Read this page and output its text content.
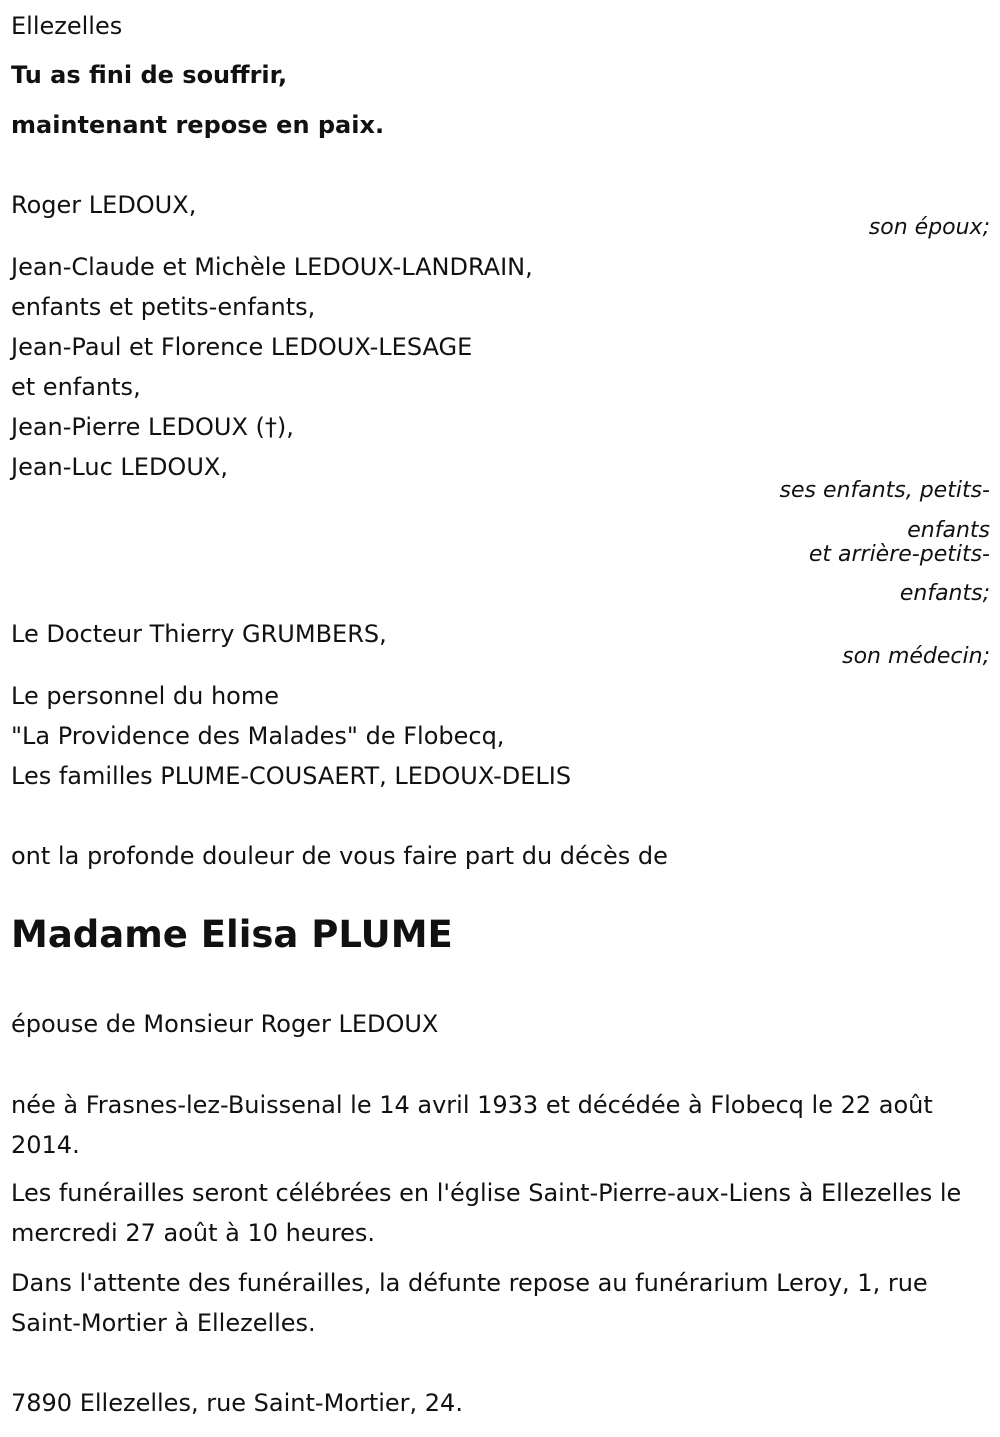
Ellezelles

Tu as fini de souffrir,

maintenant repose en paix.

Roger LEDOUX,

son époux;

Jean-Claude et Michèle LEDOUX-LANDRAIN,

enfants et petits-enfants,

Jean-Paul et Florence LEDOUX-LESAGE

et enfants,

Jean-Pierre LEDOUX (†),

Jean-Luc LEDOUX,

ses enfants, petits-

enfants

et arrière-petits-

enfants;

Le Docteur Thierry GRUMBERS,

son médecin;

Le personnel du home

"La Providence des Malades" de Flobecq,

Les familles PLUME-COUSAERT, LEDOUX-DELIS

ont la profonde douleur de vous faire part du décès de

Madame Elisa PLUME

épouse de Monsieur Roger LEDOUX

née à Frasnes-lez-Buissenal le 14 avril 1933 et décédée à Flobecq le 22 août 2014.

Les funérailles seront célébrées en l'église Saint-Pierre-aux-Liens à Ellezelles le mercredi 27 août à 10 heures.

Dans l'attente des funérailles, la défunte repose au funérarium Leroy, 1, rue Saint-Mortier à Ellezelles.

7890 Ellezelles, rue Saint-Mortier, 24.
